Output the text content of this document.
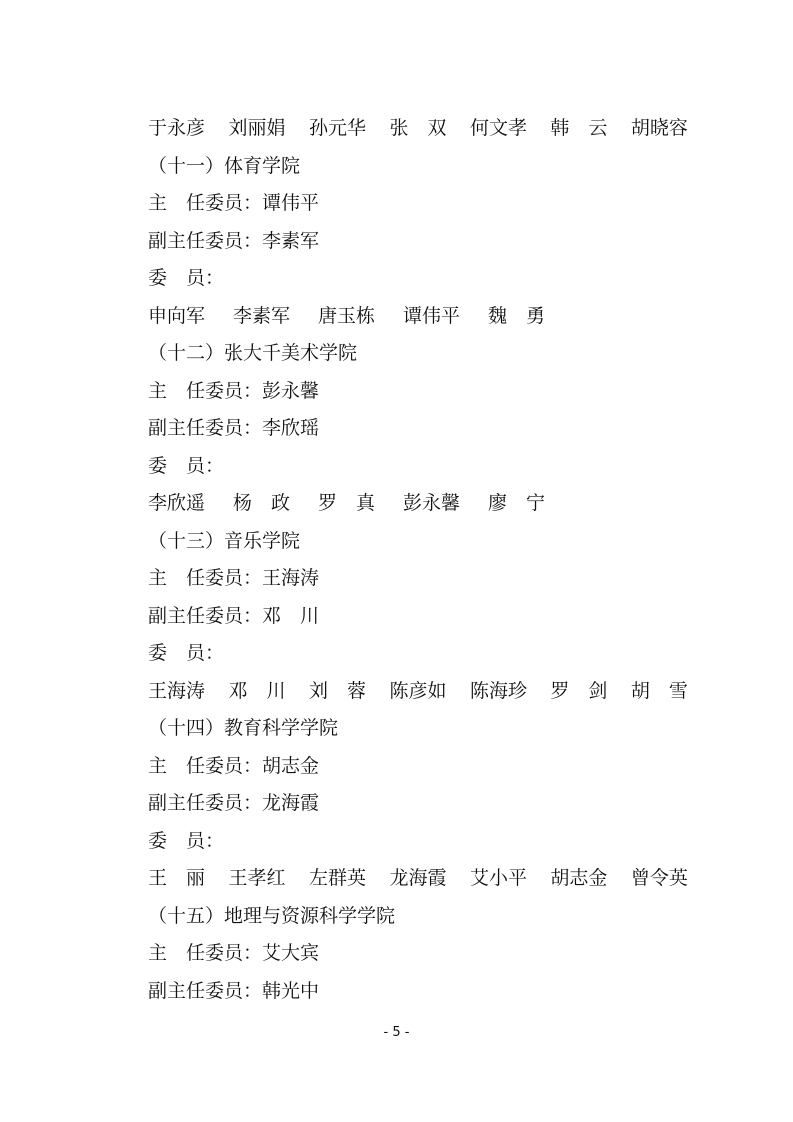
于永彦 刘丽娟 孙元华 张　双 何文孝 韩　云 胡晓容
（十一）体育学院
主　任委员：谭伟平
副主任委员：李素军
委　员：
申向军 李素军 唐玉栋 谭伟平 魏　勇
（十二）张大千美术学院
主　任委员：彭永馨
副主任委员：李欣瑶
委　员：
李欣遥 杨　政 罗　真 彭永馨 廖　宁
（十三）音乐学院
主　任委员：王海涛
副主任委员：邓　川
委　员：
王海涛 邓　川 刘　蓉 陈彦如 陈海珍 罗　剑 胡　雪
（十四）教育科学学院
主　任委员：胡志金
副主任委员：龙海霞
委　员：
王　丽 王孝红 左群英 龙海霞 艾小平 胡志金 曾令英
（十五）地理与资源科学学院
主　任委员：艾大宾
副主任委员：韩光中
- 5 -
